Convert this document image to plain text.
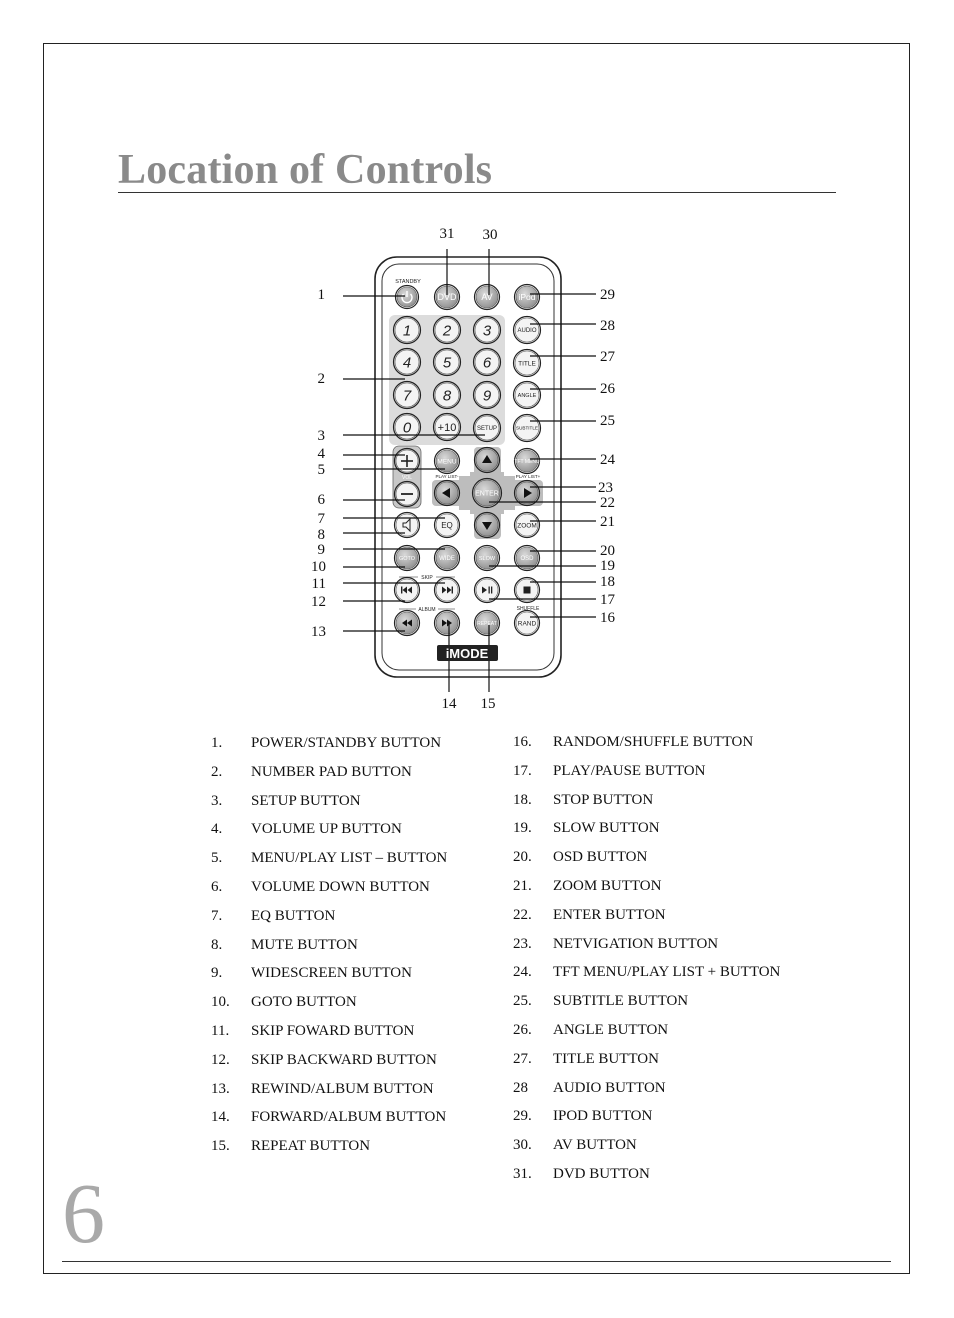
Location of Controls
DVD	AV	iPod
1 2 3	AUDIO
4 5 6	TITLE
7 8 9	ANGLE
0 +10	SETUP	SUBTITLE
MENU	TFT MENU
ENTER
EQ	ZOOM
GOTO	WIDE	SLOW	OSD
REPEAT	RAND
1
2
3
4
5
6
7
8
9
10
11
12
13
14 15
16
17
18
19
20
21
22
23
24
25
26
27
28
29
30
31
STANDBY
PLAY LIST-	PLAY LIST+
VOL
SKIP
ALBUM	SHUFFLE
iMODE
1. POWER/STANDBY BUTTON
2. NUMBER PAD BUTTON
3. SETUP BUTTON
4. VOLUME UP BUTTON
5. MENU/PLAY LIST – BUTTON
6. VOLUME DOWN BUTTON
7. EQ BUTTON
8. MUTE BUTTON
9. WIDESCREEN BUTTON
10. GOTO BUTTON
11. SKIP FOWARD BUTTON
12. SKIP BACKWARD BUTTON
13. REWIND/ALBUM BUTTON
14. FORWARD/ALBUM BUTTON
15. REPEAT BUTTON
16. RANDOM/SHUFFLE BUTTON
17. PLAY/PAUSE BUTTON
18. STOP BUTTON
19. SLOW BUTTON
20. OSD BUTTON
21. ZOOM BUTTON
22. ENTER BUTTON
23. NETVIGATION BUTTON
24. TFT MENU/PLAY LIST + BUTTON
25. SUBTITLE BUTTON
26. ANGLE BUTTON
27. TITLE BUTTON
28 AUDIO BUTTON
29. IPOD BUTTON
30. AV BUTTON
31. DVD BUTTON
6
